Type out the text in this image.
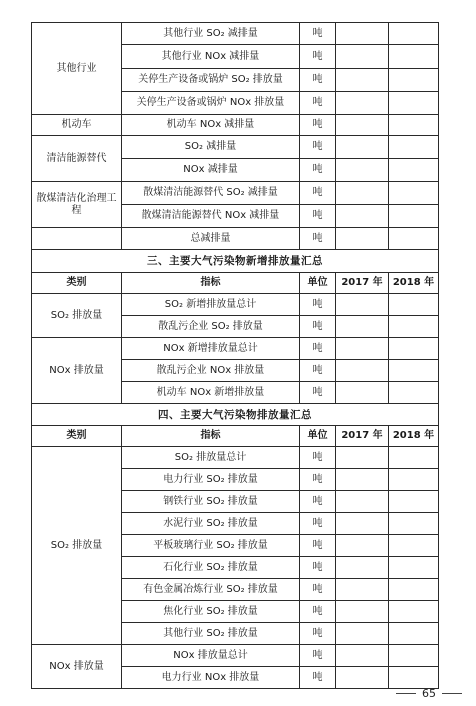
其他行业	其他行业 SO₂ 减排量	吨		
	其他行业 NOx 减排量	吨		
	关停生产设备或锅炉 SO₂ 排放量	吨		
	关停生产设备或锅炉 NOx 排放量	吨		
机动车	机动车 NOx 减排量	吨		
清洁能源替代	SO₂ 减排量	吨		
	NOx 减排量	吨		
散煤清洁化治理工程	散煤清洁能源替代 SO₂ 减排量	吨		
	散煤清洁能源替代 NOx 减排量	吨		
	总减排量	吨		
三、主要大气污染物新增排放量汇总				
类别	指标	单位	2017 年	2018 年
SO₂ 排放量	SO₂ 新增排放量总计	吨		
	散乱污企业 SO₂ 排放量	吨		
NOx 排放量	NOx 新增排放量总计	吨		
	散乱污企业 NOx 排放量	吨		
	机动车 NOx 新增排放量	吨		
四、主要大气污染物排放量汇总				
类别	指标	单位	2017 年	2018 年
SO₂ 排放量	SO₂ 排放量总计	吨		
	电力行业 SO₂ 排放量	吨		
	钢铁行业 SO₂ 排放量	吨		
	水泥行业 SO₂ 排放量	吨		
	平板玻璃行业 SO₂ 排放量	吨		
	石化行业 SO₂ 排放量	吨		
	有色金属冶炼行业 SO₂ 排放量	吨		
	焦化行业 SO₂ 排放量	吨		
	其他行业 SO₂ 排放量	吨		
NOx 排放量	NOx 排放量总计	吨		
	电力行业 NOx 排放量	吨		
65
